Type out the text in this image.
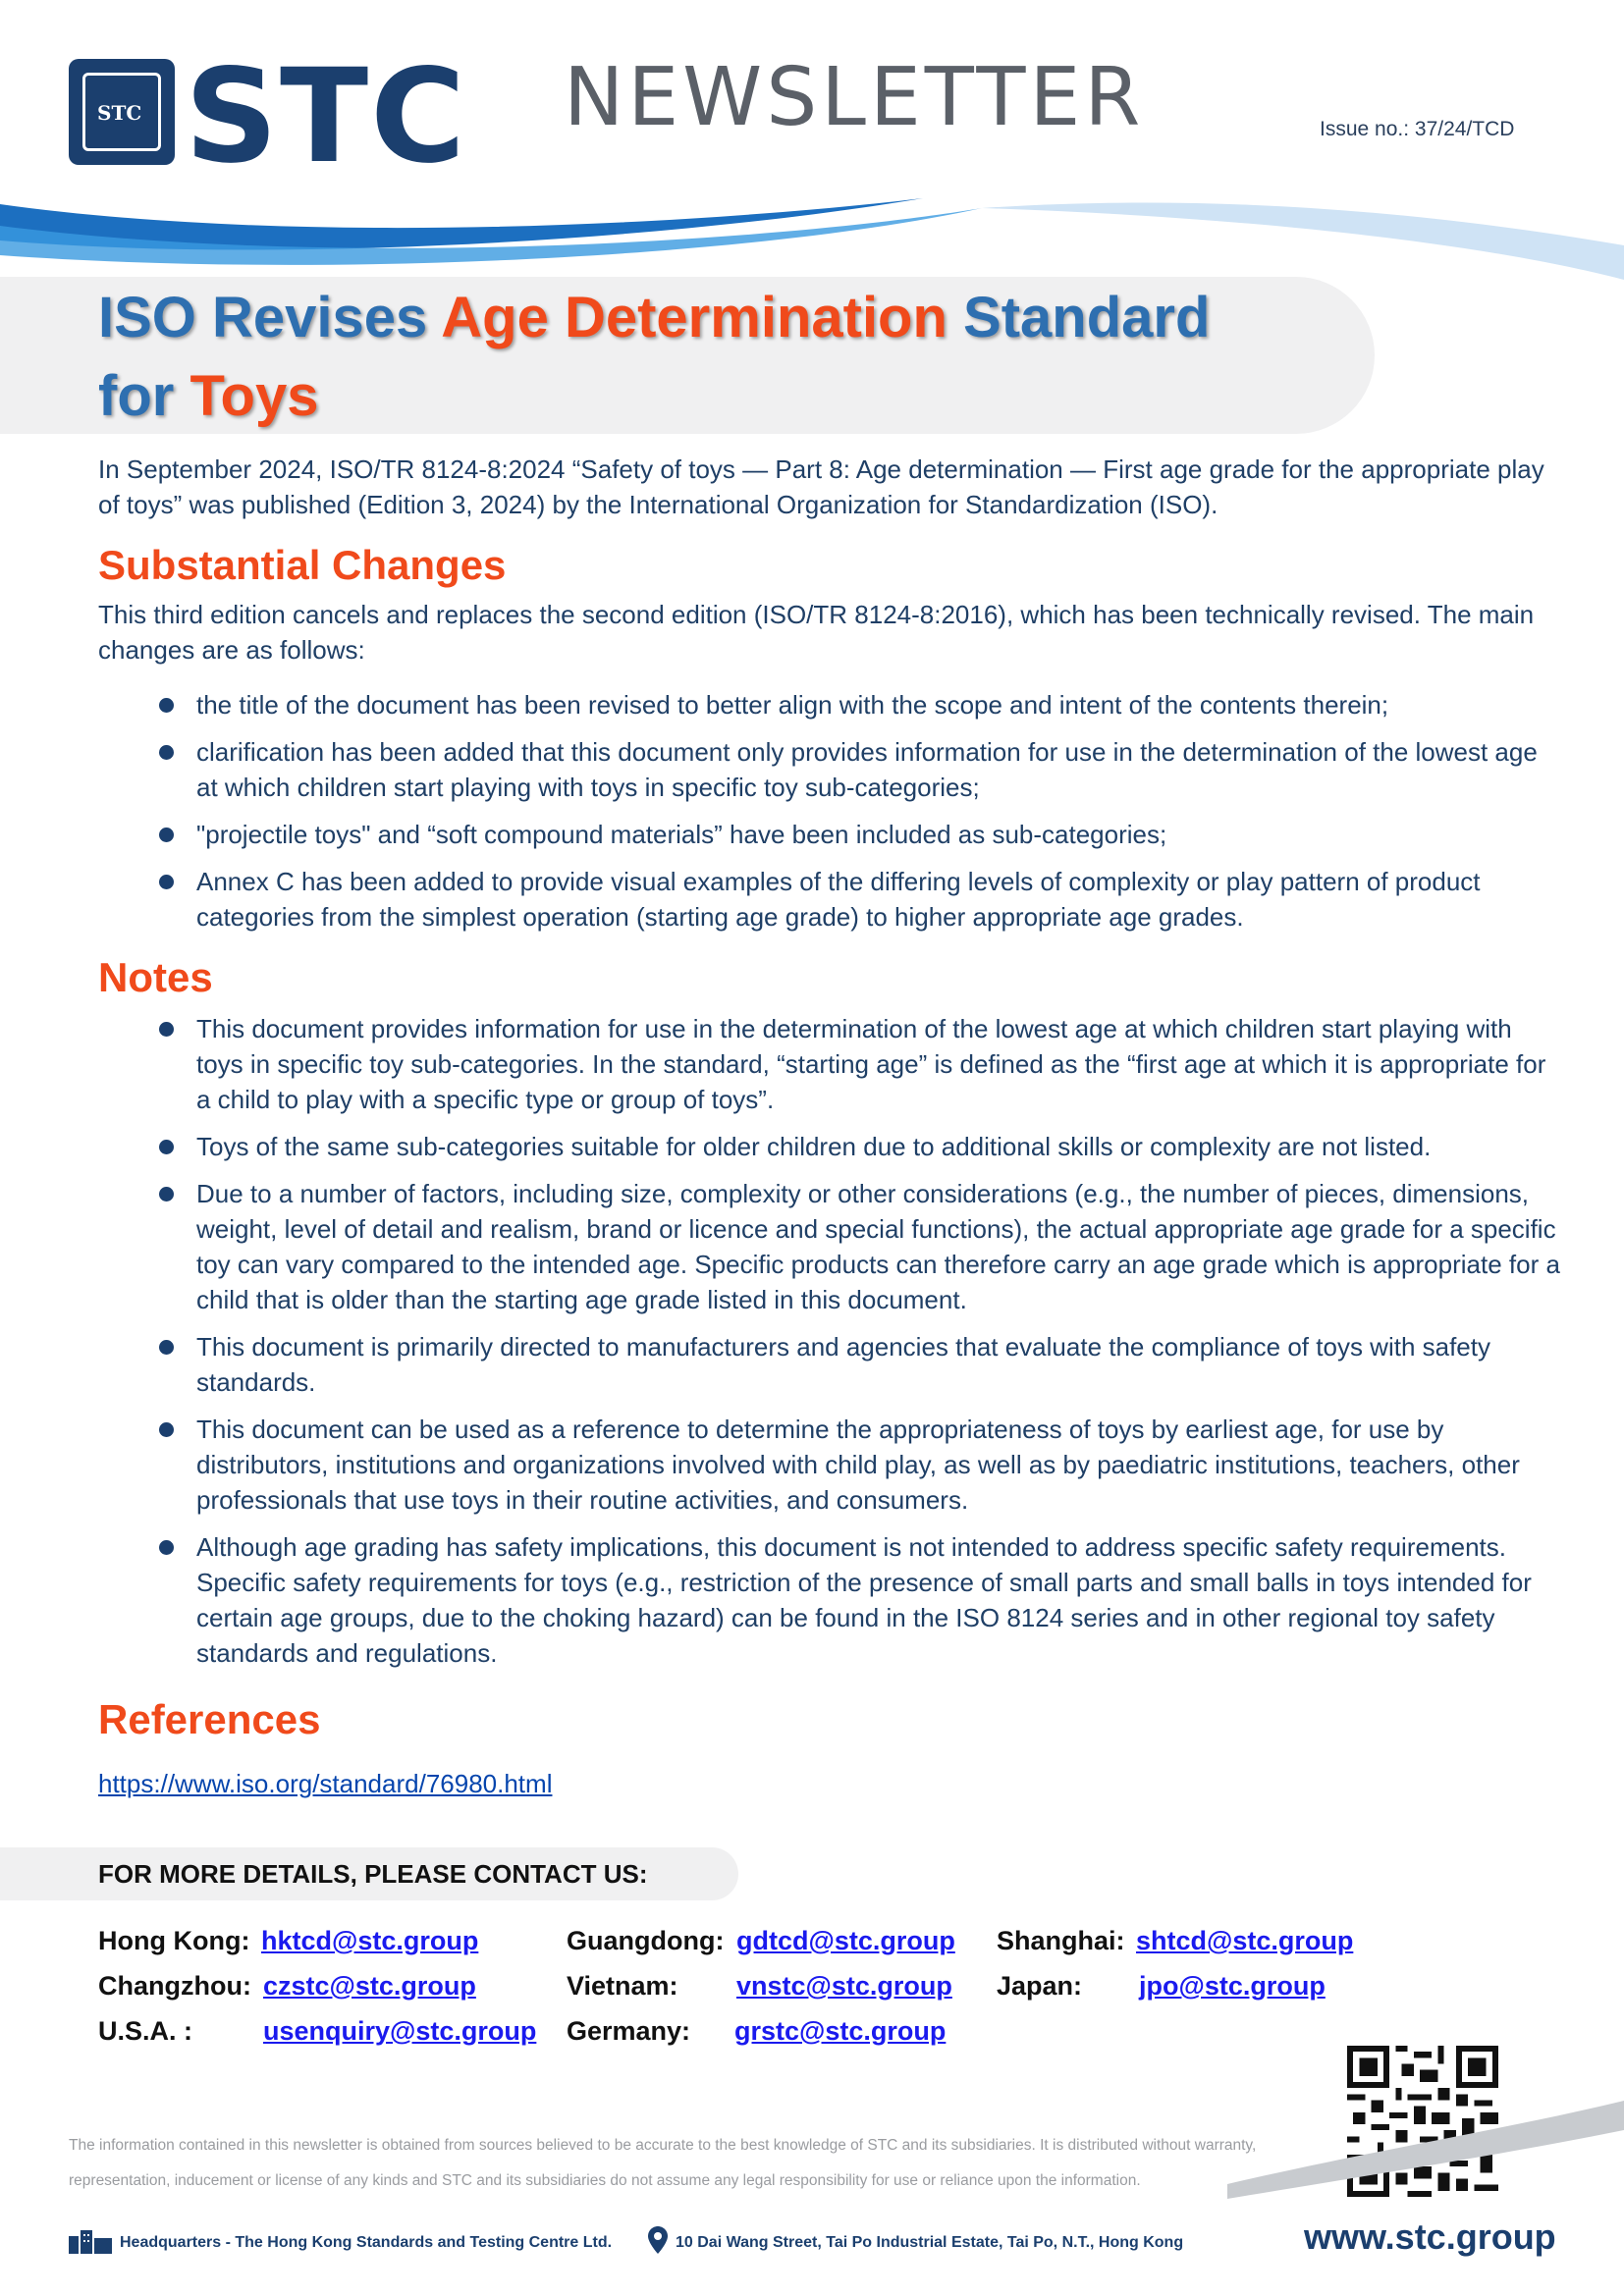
STC STC NEWSLETTER	Issue no.: 37/24/TCD
ISO Revises Age Determination Standard
for Toys

In September 2024, ISO/TR 8124-8:2024 “Safety of toys — Part 8: Age determination — First age grade for the appropriate play of toys” was published (Edition 3, 2024) by the International Organization for Standardization (ISO).

Substantial Changes

This third edition cancels and replaces the second edition (ISO/TR 8124-8:2016), which has been technically revised. The main changes are as follows:

the title of the document has been revised to better align with the scope and intent of the contents therein;
clarification has been added that this document only provides information for use in the determination of the lowest age at which children start playing with toys in specific toy sub-categories;
"projectile toys" and “soft compound materials” have been included as sub-categories;
Annex C has been added to provide visual examples of the differing levels of complexity or play pattern of product categories from the simplest operation (starting age grade) to higher appropriate age grades.
Notes
This document provides information for use in the determination of the lowest age at which children start playing with toys in specific toy sub-categories. In the standard, “starting age” is defined as the “first age at which it is appropriate for a child to play with a specific type or group of toys”.
Toys of the same sub-categories suitable for older children due to additional skills or complexity are not listed.
Due to a number of factors, including size, complexity or other considerations (e.g., the number of pieces, dimensions, weight, level of detail and realism, brand or licence and special functions), the actual appropriate age grade for a specific toy can vary compared to the intended age. Specific products can therefore carry an age grade which is appropriate for a child that is older than the starting age grade listed in this document.
This document is primarily directed to manufacturers and agencies that evaluate the compliance of toys with safety standards.
This document can be used as a reference to determine the appropriateness of toys by earliest age, for use by distributors, institutions and organizations involved with child play, as well as by paediatric institutions, teachers, other professionals that use toys in their routine activities, and consumers.
Although age grading has safety implications, this document is not intended to address specific safety requirements. Specific safety requirements for toys (e.g., restriction of the presence of small parts and small balls in toys intended for certain age groups, due to the choking hazard) can be found in the ISO 8124 series and in other regional toy safety standards and regulations.
References
https://www.iso.org/standard/76980.html
FOR MORE DETAILS, PLEASE CONTACT US:
Hong Kong: hktcd@stc.group	Guangdong: gdtcd@stc.group Shanghai: shtcd@stc.group
Changzhou: czstc@stc.group	Vietnam: vnstc@stc.group Japan: jpo@stc.group
U.S.A. :	usenquiry@stc.group Germany: grstc@stc.group

The information contained in this newsletter is obtained from sources believed to be accurate to the best knowledge of STC and its subsidiaries. It is distributed without warranty, representation, inducement or license of any kinds and STC and its subsidiaries do not assume any legal responsibility for use or reliance upon the information.

Headquarters - The Hong Kong Standards and Testing Centre Ltd.	10 Dai Wang Street, Tai Po Industrial Estate, Tai Po, N.T., Hong Kong	www.stc.group
